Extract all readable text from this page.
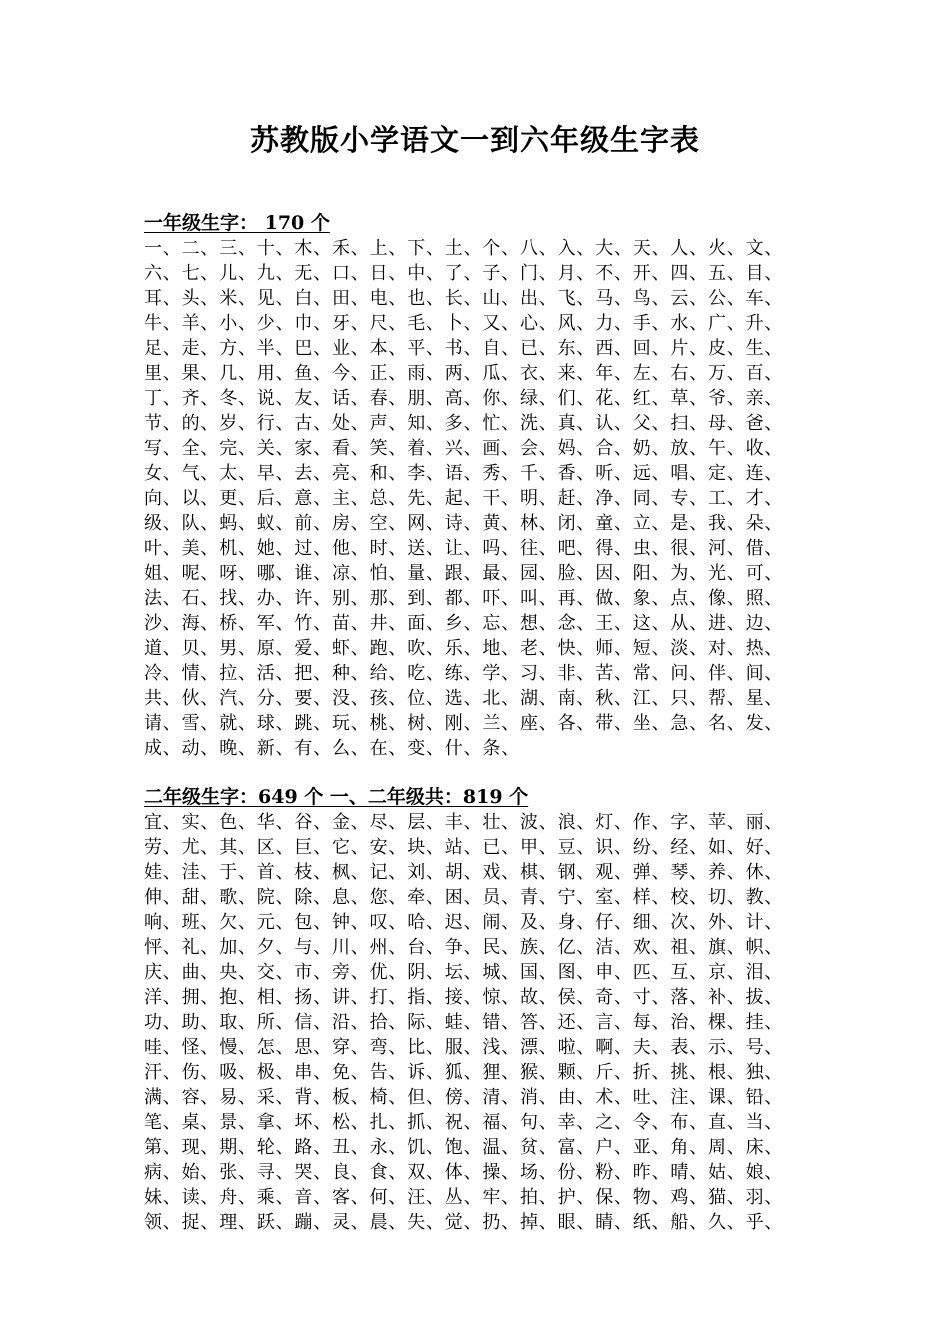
苏教版小学语文一到六年级生字表
一年级生字： 170 个
一、二、三、十、木、禾、上、下、土、个、八、入、大、天、人、火、文、
六、七、儿、九、无、口、日、中、了、子、门、月、不、开、四、五、目、
耳、头、米、见、白、田、电、也、长、山、出、飞、马、鸟、云、公、车、
牛、羊、小、少、巾、牙、尺、毛、卜、又、心、风、力、手、水、广、升、
足、走、方、半、巴、业、本、平、书、自、已、东、西、回、片、皮、生、
里、果、几、用、鱼、今、正、雨、两、瓜、衣、来、年、左、右、万、百、
丁、齐、冬、说、友、话、春、朋、高、你、绿、们、花、红、草、爷、亲、
节、的、岁、行、古、处、声、知、多、忙、洗、真、认、父、扫、母、爸、
写、全、完、关、家、看、笑、着、兴、画、会、妈、合、奶、放、午、收、
女、气、太、早、去、亮、和、李、语、秀、千、香、听、远、唱、定、连、
向、以、更、后、意、主、总、先、起、干、明、赶、净、同、专、工、才、
级、队、蚂、蚁、前、房、空、网、诗、黄、林、闭、童、立、是、我、朵、
叶、美、机、她、过、他、时、送、让、吗、往、吧、得、虫、很、河、借、
姐、呢、呀、哪、谁、凉、怕、量、跟、最、园、脸、因、阳、为、光、可、
法、石、找、办、许、别、那、到、都、吓、叫、再、做、象、点、像、照、
沙、海、桥、军、竹、苗、井、面、乡、忘、想、念、王、这、从、进、边、
道、贝、男、原、爱、虾、跑、吹、乐、地、老、快、师、短、淡、对、热、
冷、情、拉、活、把、种、给、吃、练、学、习、非、苦、常、问、伴、间、
共、伙、汽、分、要、没、孩、位、选、北、湖、南、秋、江、只、帮、星、
请、雪、就、球、跳、玩、桃、树、刚、兰、座、各、带、坐、急、名、发、
成、动、晚、新、有、么、在、变、什、条、
二年级生字：649 个 一、二年级共：819 个
宜、实、色、华、谷、金、尽、层、丰、壮、波、浪、灯、作、字、苹、丽、
劳、尤、其、区、巨、它、安、块、站、已、甲、豆、识、纷、经、如、好、
娃、洼、于、首、枝、枫、记、刘、胡、戏、棋、钢、观、弹、琴、养、休、
伸、甜、歌、院、除、息、您、牵、困、员、青、宁、室、样、校、切、教、
响、班、欠、元、包、钟、叹、哈、迟、闹、及、身、仔、细、次、外、计、
怦、礼、加、夕、与、川、州、台、争、民、族、亿、洁、欢、祖、旗、帜、
庆、曲、央、交、市、旁、优、阴、坛、城、国、图、申、匹、互、京、泪、
洋、拥、抱、相、扬、讲、打、指、接、惊、故、侯、奇、寸、落、补、拔、
功、助、取、所、信、沿、拾、际、蛙、错、答、还、言、每、治、棵、挂、
哇、怪、慢、怎、思、穿、弯、比、服、浅、漂、啦、啊、夫、表、示、号、
汗、伤、吸、极、串、免、告、诉、狐、狸、猴、颗、斤、折、挑、根、独、
满、容、易、采、背、板、椅、但、傍、清、消、由、术、吐、注、课、铅、
笔、桌、景、拿、坏、松、扎、抓、祝、福、句、幸、之、令、布、直、当、
第、现、期、轮、路、丑、永、饥、饱、温、贫、富、户、亚、角、周、床、
病、始、张、寻、哭、良、食、双、体、操、场、份、粉、昨、晴、姑、娘、
妹、读、舟、乘、音、客、何、汪、丛、牢、拍、护、保、物、鸡、猫、羽、
领、捉、理、跃、蹦、灵、晨、失、觉、扔、掉、眼、睛、纸、船、久、乎、
